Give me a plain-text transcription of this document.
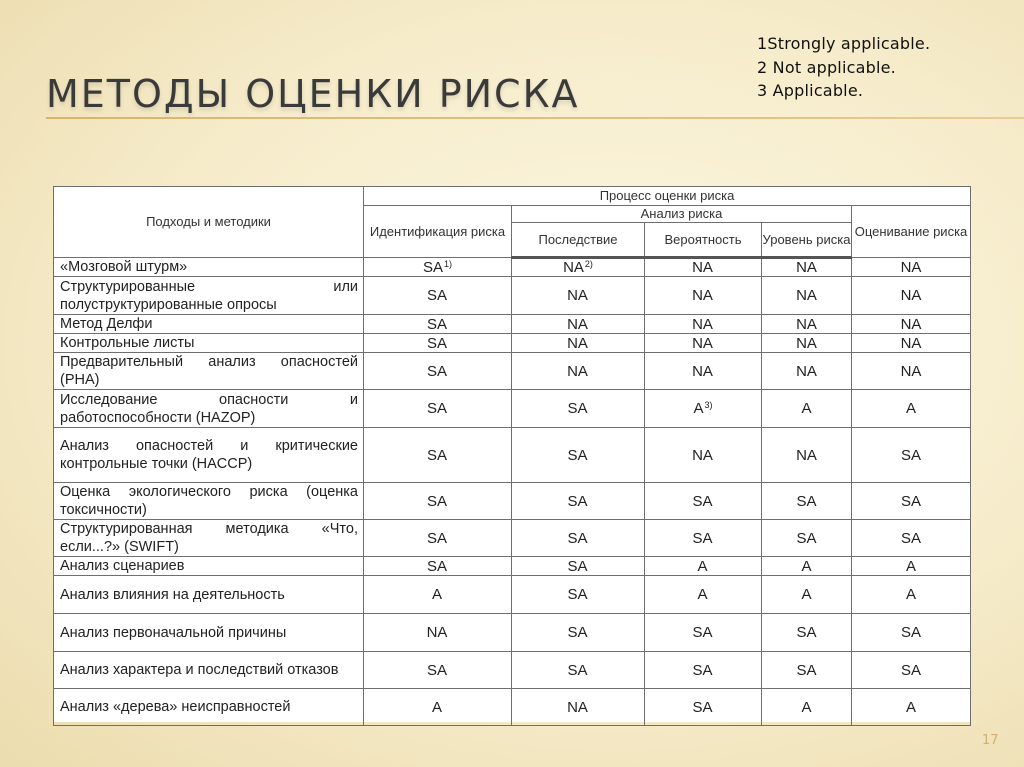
МЕТОДЫ ОЦЕНКИ РИСКА
1Strongly applicable.
2 Not applicable.
3 Applicable.
Подходы и методики	Процесс оценки риска				
	Идентификация риска	Анализ риска			Оценивание риска
		Последствие	Вероятность	Уровень риска	
«Мозговой штурм»	SA$^{1)}$	NA$^{2)}$	NA	NA	NA
Структурированные или полуструктурированные опросы	SA	NA	NA	NA	NA
Метод Делфи	SA	NA	NA	NA	NA
Контрольные листы	SA	NA	NA	NA	NA
Предварительный анализ опасностей (PHA)	SA	NA	NA	NA	NA
Исследование опасности и работоспособности (HAZOP)	SA	SA	$A^{3)}$	A	A
Анализ опасностей и критические контрольные точки (HACCP)	SA	SA	NA	NA	SA
Оценка экологического риска (оценка токсичности)	SA	SA	SA	SA	SA
Структурированная методика «Что, если...?» (SWIFT)	SA	SA	SA	SA	SA
Анализ сценариев	SA	SA	A	A	A
Анализ влияния на деятельность	A	SA	A	A	A
Анализ первоначальной причины	NA	SA	SA	SA	SA
Анализ характера и последствий отказов	SA	SA	SA	SA	SA
Анализ «дерева» неисправностей	A	NA	SA	A	A
17
